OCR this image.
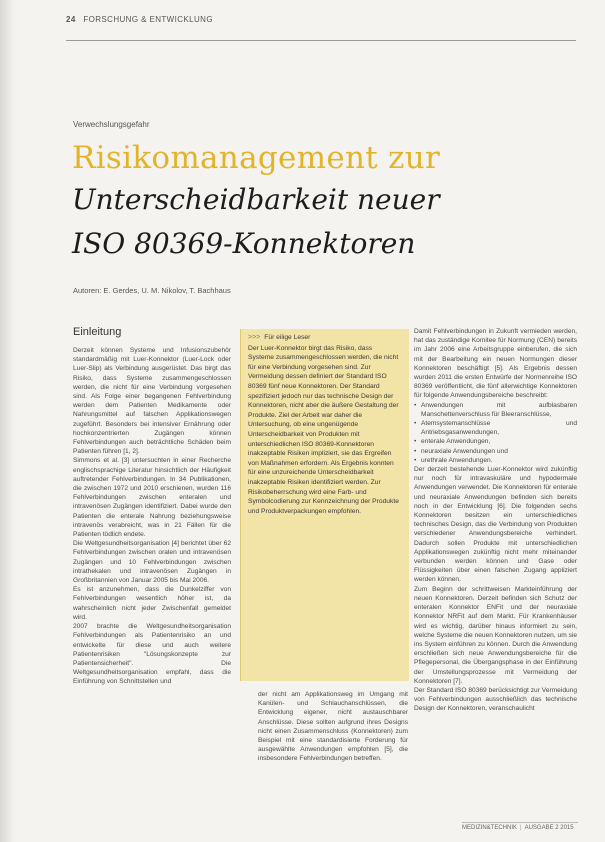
24 FORSCHUNG & ENTWICKLUNG
Verwechslungsgefahr
Risikomanagement zur
Unterscheidbarkeit neuer
ISO 80369-Konnektoren
Autoren: E. Gerdes, U. M. Nikolov, T. Bachhaus
Einleitung

Derzeit können Systeme und Infusionszubehör standardmäßig mit Luer-Konnektor (Luer-Lock oder Luer-Slip) als Verbindung ausgerüstet. Das birgt das Risiko, dass Systeme zusammengeschlossen werden, die nicht für eine Verbindung vorgesehen sind. Als Folge einer begangenen Fehlverbindung werden dem Patienten Medikamente oder Nahrungsmittel auf falschen Applikationswegen zugeführt. Besonders bei intensiver Ernährung oder hochkonzentrierten Zugängen können Fehlverbindungen auch beträchtliche Schäden beim Patienten führen [1, 2].

Simmons et al. [3] untersuchten in einer Recherche englischsprachige Literatur hinsichtlich der Häufigkeit auftretender Fehlverbindungen. In 34 Publikationen, die zwischen 1972 und 2010 erschienen, wurden 116 Fehlverbindungen zwischen enteralen und intravenösen Zugängen identifiziert. Dabei wurde den Patienten die enterale Nahrung beziehungsweise intravenös verabreicht, was in 21 Fällen für die Patienten tödlich endete.

Die Weltgesundheitsorganisation [4] berichtet über 62 Fehlverbindungen zwischen oralen und intravenösen Zugängen und 10 Fehlverbindungen zwischen intrathekalen und intravenösen Zugängen in Großbritannien von Januar 2005 bis Mai 2006.

Es ist anzunehmen, dass die Dunkelziffer von Fehlverbindungen wesentlich höher ist, da wahrscheinlich nicht jeder Zwischenfall gemeldet wird.

2007 brachte die Weltgesundheitsorganisation Fehlverbindungen als Patientenrisiko an und entwickelte für diese und auch weitere Patientenrisiken "Lösungskonzepte zur Patientensicherheit". Die Weltgesundheitsorganisation empfahl, dass die Einführung von Schnittstellen und

>>> Für eilige Leser
Der Luer-Konnektor birgt das Risiko, dass Systeme zusammengeschlossen werden, die nicht für eine Verbindung vorgesehen sind. Zur Vermeidung dessen definiert der Standard ISO 80369 fünf neue Konnektoren. Der Standard spezifiziert jedoch nur das technische Design der Konnektoren, nicht aber die äußere Gestaltung der Produkte. Ziel der Arbeit war daher die Untersuchung, ob eine ungenügende Unterscheidbarkeit von Produkten mit unterschiedlichen ISO 80369-Konnektoren inakzeptable Risiken impliziert, sie das Ergreifen von Maßnahmen erfordern. Als Ergebnis konnten für eine unzureichende Unterscheidbarkeit inakzeptable Risiken identifiziert werden. Zur Risikobeherrschung wird eine Farb- und Symbolcodierung zur Kennzeichnung der Produkte und Produktverpackungen empfohlen.

der nicht am Applikationsweg im Umgang mit Kanülen- und Schlauchanschlüssen, die Entwicklung eigener, nicht austauschbarer Anschlüsse. Diese sollten aufgrund ihres Designs nicht einen Zusammenschluss (Konnektoren) zum Beispiel mit eine standardisierte Forderung für ausgewählte Anwendungen empfohlen [5], die insbesondere Fehlverbindungen betreffen.

Damit Fehlverbindungen in Zukunft vermieden werden, hat das zuständige Komitee für Normung (CEN) bereits im Jahr 2006 eine Arbeitsgruppe einberufen, die sich mit der Bearbeitung ein neuen Normungen dieser Konnektoren beschäftigt [5]. Als Ergebnis dessen wurden 2011 die ersten Entwürfe der Normenreihe ISO 80369 veröffentlicht, die fünf allerwichtige Konnektoren für folgende Anwendungsbereiche beschreibt:

• Anwendungen mit aufblasbaren Manschettenverschluss für Bleeranschlüsse,
• Atemsystemanschlüsse und Antriebsgasanwendungen,
• enterale Anwendungen,
• neuraxiale Anwendungen und
• urethrale Anwendungen.

Der derzeit bestehende Luer-Konnektor wird zukünftig nur noch für intravaskuläre und hypodermale Anwendungen verwendet. Die Konnektoren für enterale und neuraxiale Anwendungen befinden sich bereits noch in der Entwicklung [6]. Die folgenden sechs Konnektoren besitzen ein unterschiedliches technisches Design, das die Verbindung von Produkten verschiedener Anwendungsbereiche verhindert. Dadurch sollen Produkte mit unterschiedlichen Applikationswegen zukünftig nicht mehr miteinander verbunden werden können und Gase oder Flüssigkeiten über einen falschen Zugang appliziert werden können.

Zum Beginn der schrittweisen Markteinführung der neuen Konnektoren. Derzeit befinden sich Schutz der enteralen Konnektor ENFit und der neuraxiale Konnektor NRFit auf dem Markt. Für Krankenhäuser wird es wichtig, darüber hinaus informiert zu sein, welche Systeme die neuen Konnektoren nutzen, um sie ins System einführen zu können. Durch die Anwendung erschließen sich neue Anwendungsbereiche für die Pflegepersonal, die Übergangsphase in der Einführung der Umstellungsprozesse mit Vermeidung der Konnektoren [7].

Der Standard ISO 80369 berücksichtigt zur Vermeidung von Fehlverbindungen ausschließlich das technische Design der Konnektoren, veranschaulicht

MEDIZIN&TECHNIK | AUSGABE 2 2015
